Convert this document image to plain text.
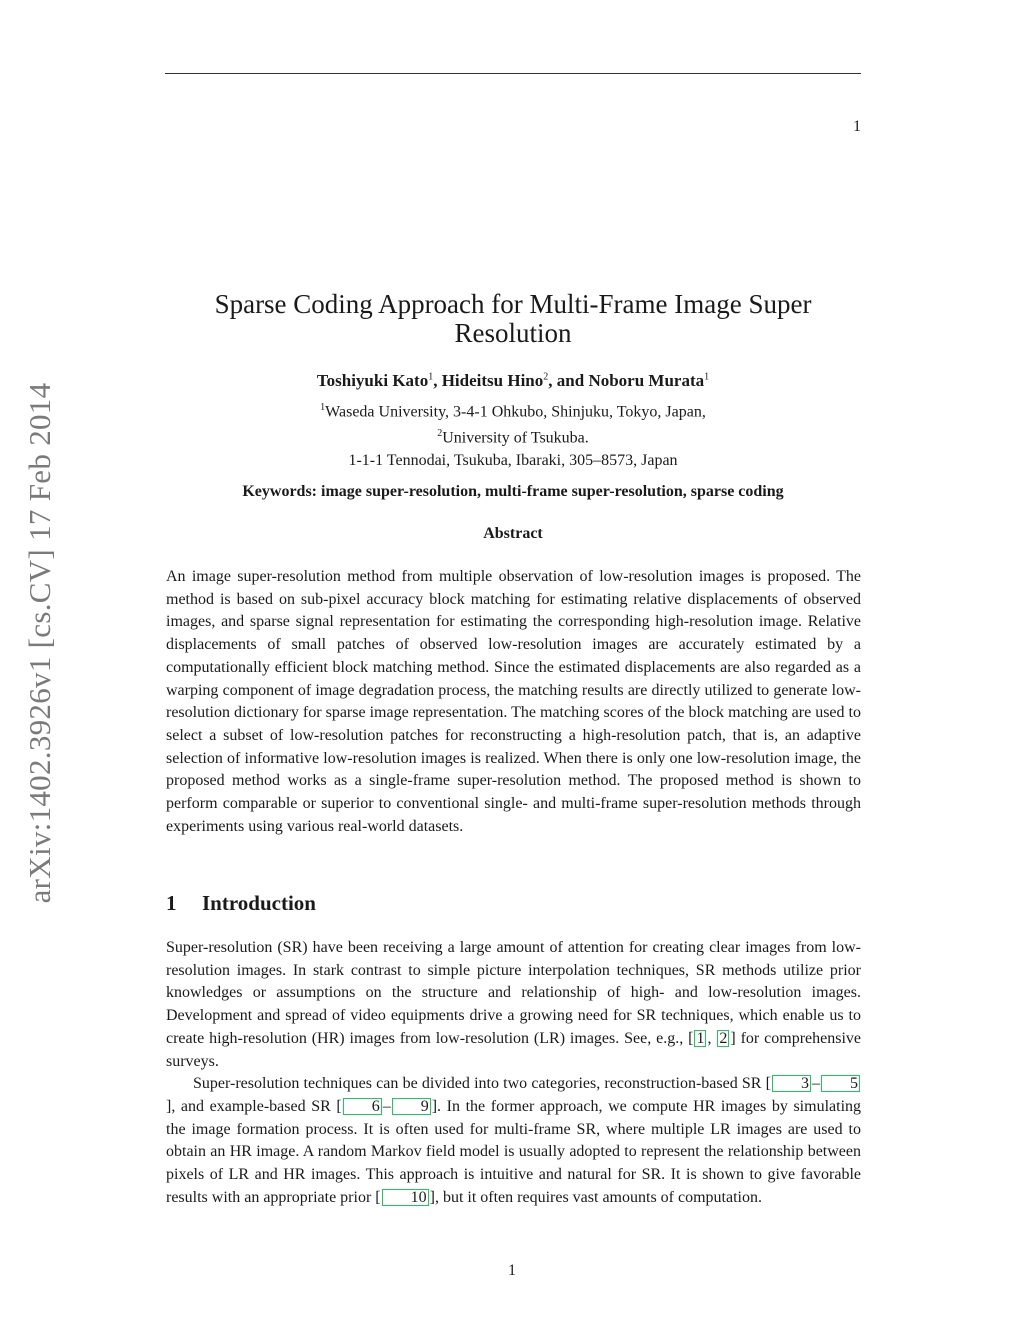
1
arXiv:1402.3926v1 [cs.CV] 17 Feb 2014
Sparse Coding Approach for Multi-Frame Image Super Resolution
Toshiyuki Kato$^1$, Hideitsu Hino$^2$, and Noboru Murata$^1$
$^1$Waseda University, 3-4-1 Ohkubo, Shinjuku, Tokyo, Japan,
$^2$University of Tsukuba.
1-1-1 Tennodai, Tsukuba, Ibaraki, 305–8573, Japan
Keywords: image super-resolution, multi-frame super-resolution, sparse coding
Abstract
An image super-resolution method from multiple observation of low-resolution images is proposed. The method is based on sub-pixel accuracy block matching for estimating relative displacements of observed images, and sparse signal representation for estimating the corresponding high-resolution image. Relative displacements of small patches of observed low-resolution images are accurately estimated by a computationally efficient block matching method. Since the estimated displacements are also regarded as a warping component of image degradation process, the matching results are directly utilized to generate low-resolution dictionary for sparse image representation. The matching scores of the block matching are used to select a subset of low-resolution patches for reconstructing a high-resolution patch, that is, an adaptive selection of informative low-resolution images is realized. When there is only one low-resolution image, the proposed method works as a single-frame super-resolution method. The proposed method is shown to perform comparable or superior to conventional single- and multi-frame super-resolution methods through experiments using various real-world datasets.
1 Introduction

Super-resolution (SR) have been receiving a large amount of attention for creating clear images from low-resolution images. In stark contrast to simple picture interpolation techniques, SR methods utilize prior knowledges or assumptions on the structure and relationship of high- and low-resolution images. Development and spread of video equipments drive a growing need for SR techniques, which enable us to create high-resolution (HR) images from low-resolution (LR) images. See, e.g., [ 1 , 2 ] for comprehensive surveys.

Super-resolution techniques can be divided into two categories, reconstruction-based SR [ 3 – 5], and example-based SR [ 6 – 9 ]. In the former approach, we compute HR images by simulating the image formation process. It is often used for multi-frame SR, where multiple LR images are used to obtain an HR image. A random Markov field model is usually adopted to represent the relationship between pixels of LR and HR images. This approach is intuitive and natural for SR. It is shown to give favorable results with an appropriate prior [ 10 ], but it often requires vast amounts of computation.

1
